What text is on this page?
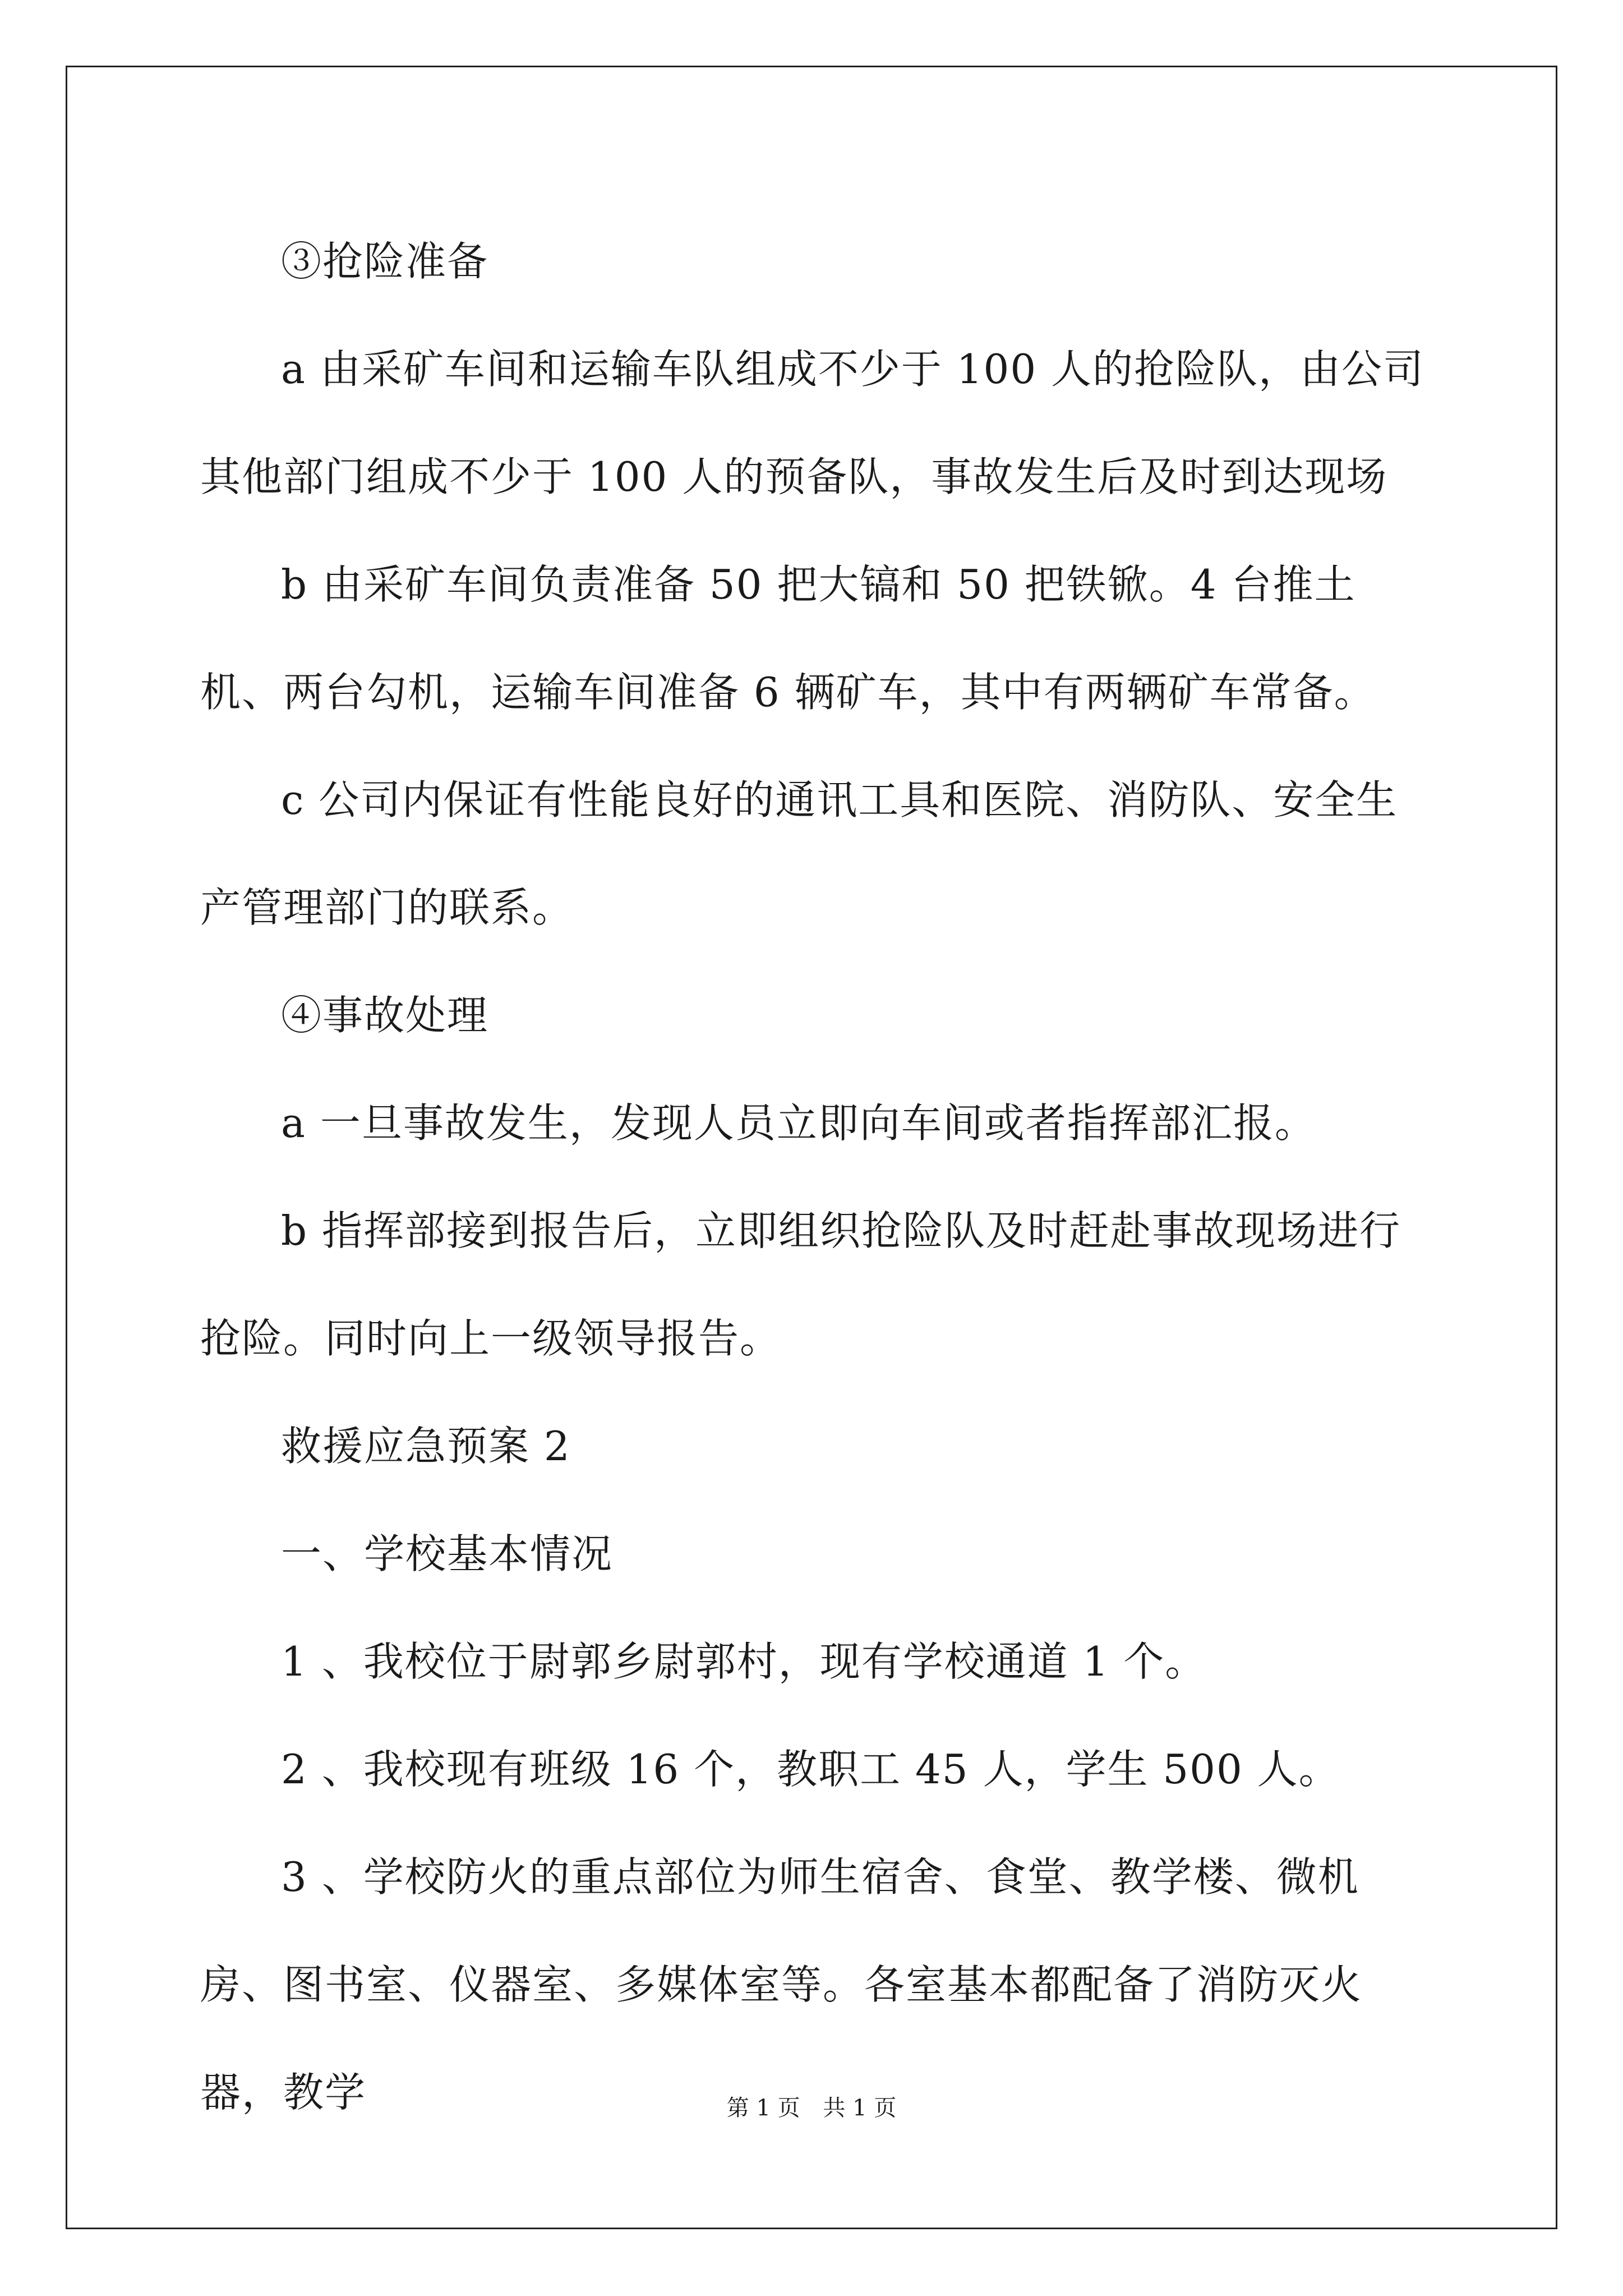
③抢险准备

a 由采矿车间和运输车队组成不少于 100 人的抢险队，由公司其他部门组成不少于 100 人的预备队，事故发生后及时到达现场

b 由采矿车间负责准备 50 把大镐和 50 把铁锨。4 台推土机、两台勾机，运输车间准备 6 辆矿车，其中有两辆矿车常备。

c 公司内保证有性能良好的通讯工具和医院、消防队、安全生产管理部门的联系。

④事故处理

a 一旦事故发生，发现人员立即向车间或者指挥部汇报。

b 指挥部接到报告后，立即组织抢险队及时赶赴事故现场进行抢险。同时向上一级领导报告。

救援应急预案 2

一、学校基本情况

1 、我校位于尉郭乡尉郭村，现有学校通道 1 个。

2 、我校现有班级 16 个，教职工 45 人，学生 500 人。

3 、学校防火的重点部位为师生宿舍、食堂、教学楼、微机房、图书室、仪器室、多媒体室等。各室基本都配备了消防灭火器，教学	第 1 页 共 1 页
